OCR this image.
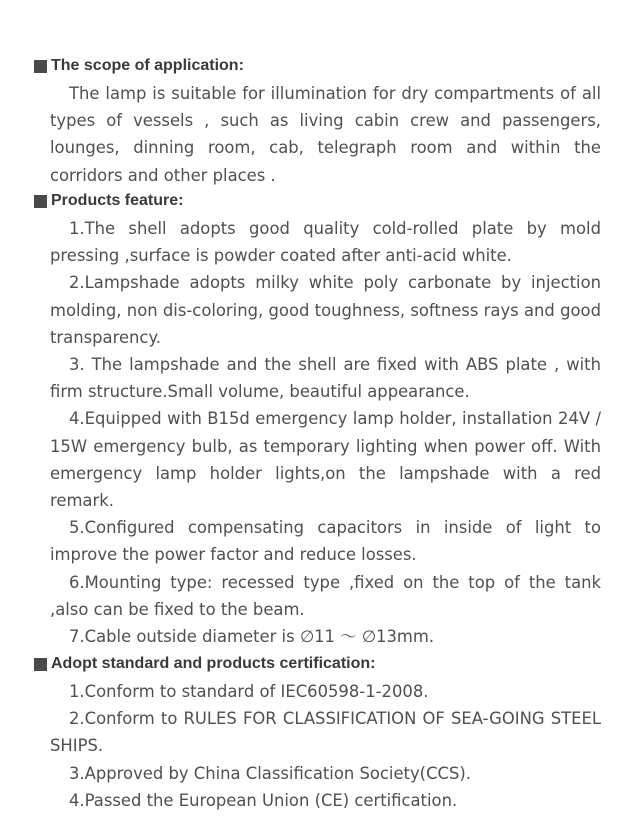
The scope of application:
The lamp is suitable for illumination for dry compartments of all types of vessels , such as living cabin crew and passengers, lounges, dinning room, cab, telegraph room and within the corridors and other places .
Products feature:
1.The shell adopts good quality cold-rolled plate by mold pressing ,surface is powder coated after anti-acid white.
2.Lampshade adopts milky white poly carbonate by injection molding, non dis-coloring, good toughness, softness rays and good transparency.
3. The lampshade and the shell are fixed with ABS plate , with firm structure.Small volume, beautiful appearance.
4.Equipped with B15d emergency lamp holder, installation 24V / 15W emergency bulb, as temporary lighting when power off. With emergency lamp holder lights,on the lampshade with a red remark.
5.Configured compensating capacitors in inside of light to improve the power factor and reduce losses.
6.Mounting type: recessed type ,fixed on the top of the tank ,also can be fixed to the beam.
7.Cable outside diameter is ∅11 ～ ∅13mm.
Adopt standard and products certification:
1.Conform to standard of IEC60598-1-2008.
2.Conform to RULES FOR CLASSIFICATION OF SEA-GOING STEEL SHIPS.
3.Approved by China Classification Society(CCS).
4.Passed the European Union (CE) certification.
